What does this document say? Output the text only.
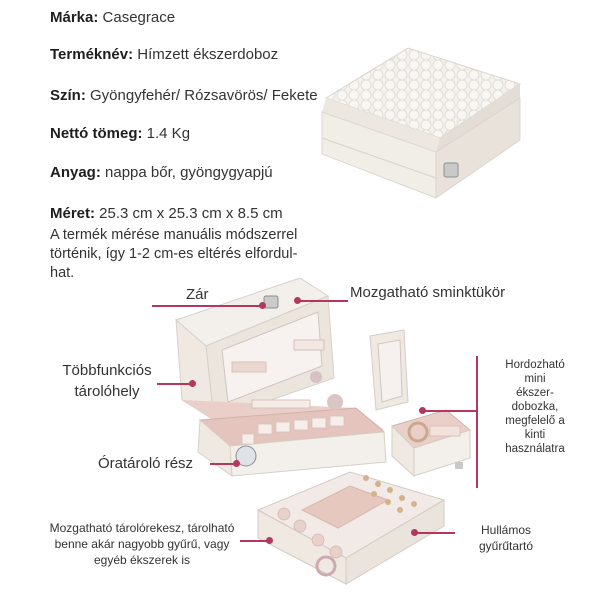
Márka: Casegrace
Terméknév: Hímzett ékszerdoboz
Szín: Gyöngyfehér/ Rózsavörös/ Fekete
Nettó tömeg: 1.4 Kg
Anyag: nappa bőr, gyöngygyapjú
Méret: 25.3 cm x 25.3 cm x 8.5 cm
A termék mérése manuális módszerrel
történik, így 1-2 cm-es eltérés elfordul-
hat.
Zár	Mozgatható sminktükör
Többfunkciós
tárolóhely
Óratároló rész
Mozgatható tárolórekesz, tárolható
benne akár nagyobb gyűrű, vagy
egyéb ékszerek is
Hordozható
mini
ékszer-
dobozka,
megfelelő a
kinti
használatra
Hullámos
gyűrűtartó
